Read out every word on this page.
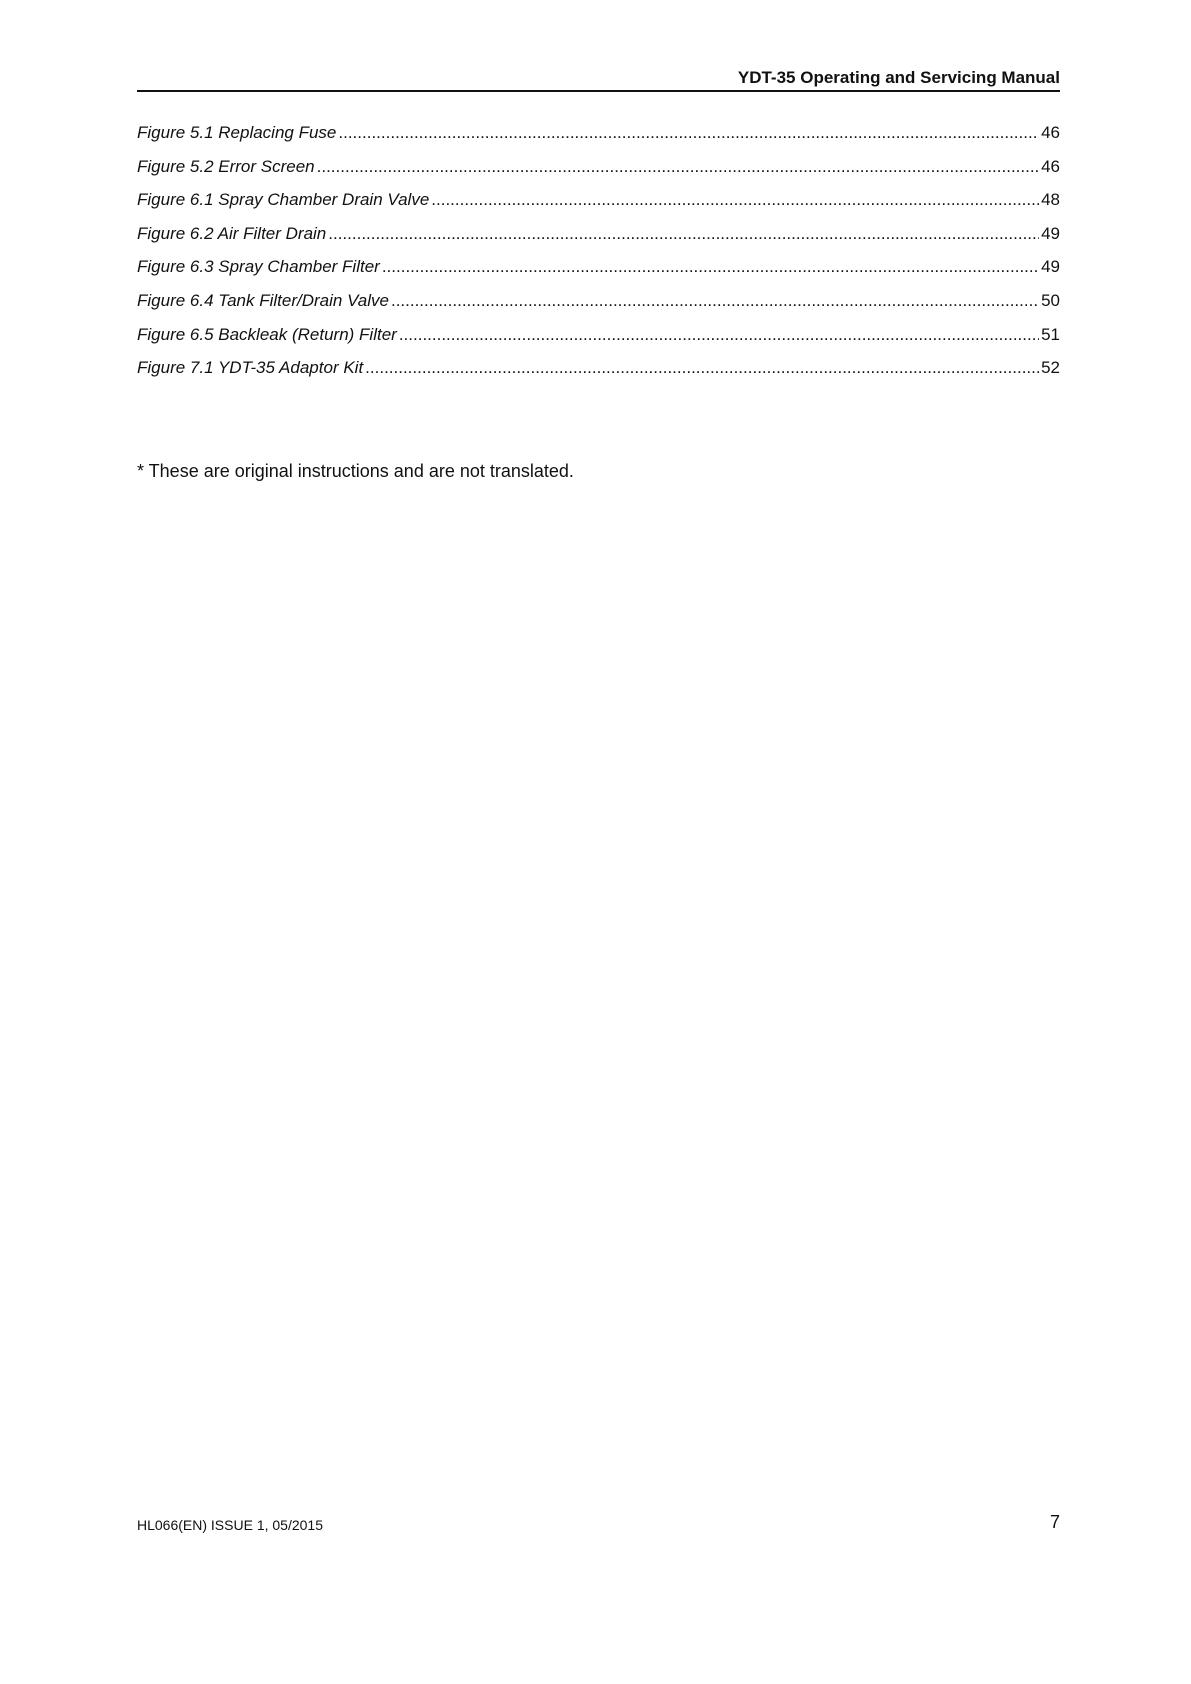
YDT-35 Operating and Servicing Manual
Figure 5.1 Replacing Fuse .....	46
Figure 5.2 Error Screen .....	46
Figure 6.1 Spray Chamber Drain Valve .....	48
Figure 6.2 Air Filter Drain .....	49
Figure 6.3 Spray Chamber Filter .....	49
Figure 6.4 Tank Filter/Drain Valve .....	50
Figure 6.5 Backleak (Return) Filter .....	51
Figure 7.1 YDT-35 Adaptor Kit .....	52
* These are original instructions and are not translated.
HL066(EN) ISSUE 1, 05/2015	7
